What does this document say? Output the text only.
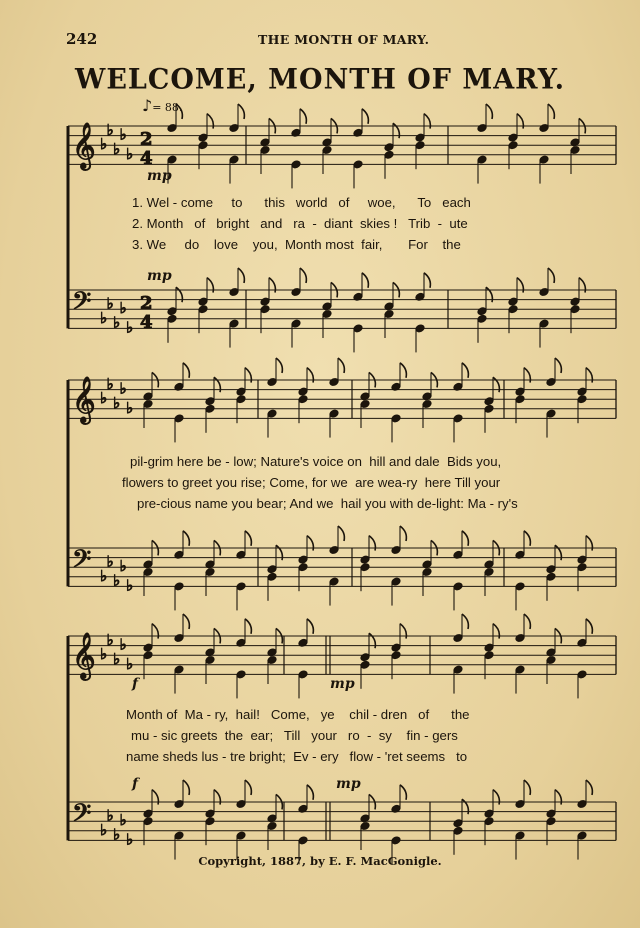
242	THE MONTH OF MARY.
WELCOME, MONTH OF MARY.
♪= 88.
𝄞 ♭
♭
♭
♭
♭
2
4
𝄢 ♭
♭
♭
♭
♭
2
4
𝄞 ♭
♭
♭
♭
♭
𝄢 ♭
♭
♭
♭
♭
𝄞 ♭
♭
♭
♭
♭
𝄢 ♭
♭
♭
♭
♭
mp
mp
f	mp
f	mp
1. Wel - come     to      this   world   of     woe,      To   each
2. Month   of   bright   and   ra  -  diant  skies !   Trib  -  ute
3. We     do    love    you,  Month most  fair,       For    the
pil-grim here be - low; Nature's voice on  hill and dale  Bids you,
flowers to greet you rise; Come, for we  are wea-ry  here Till your
pre-cious name you bear; And we  hail you with de-light: Ma - ry's
Month of  Ma - ry,  hail!   Come,   ye    chil - dren   of      the
mu - sic greets  the  ear;   Till   your   ro  -  sy    fin - gers
name sheds lus - tre bright;  Ev - ery   flow - 'ret seems   to
Copyright, 1887, by E. F. MacGonigle.
